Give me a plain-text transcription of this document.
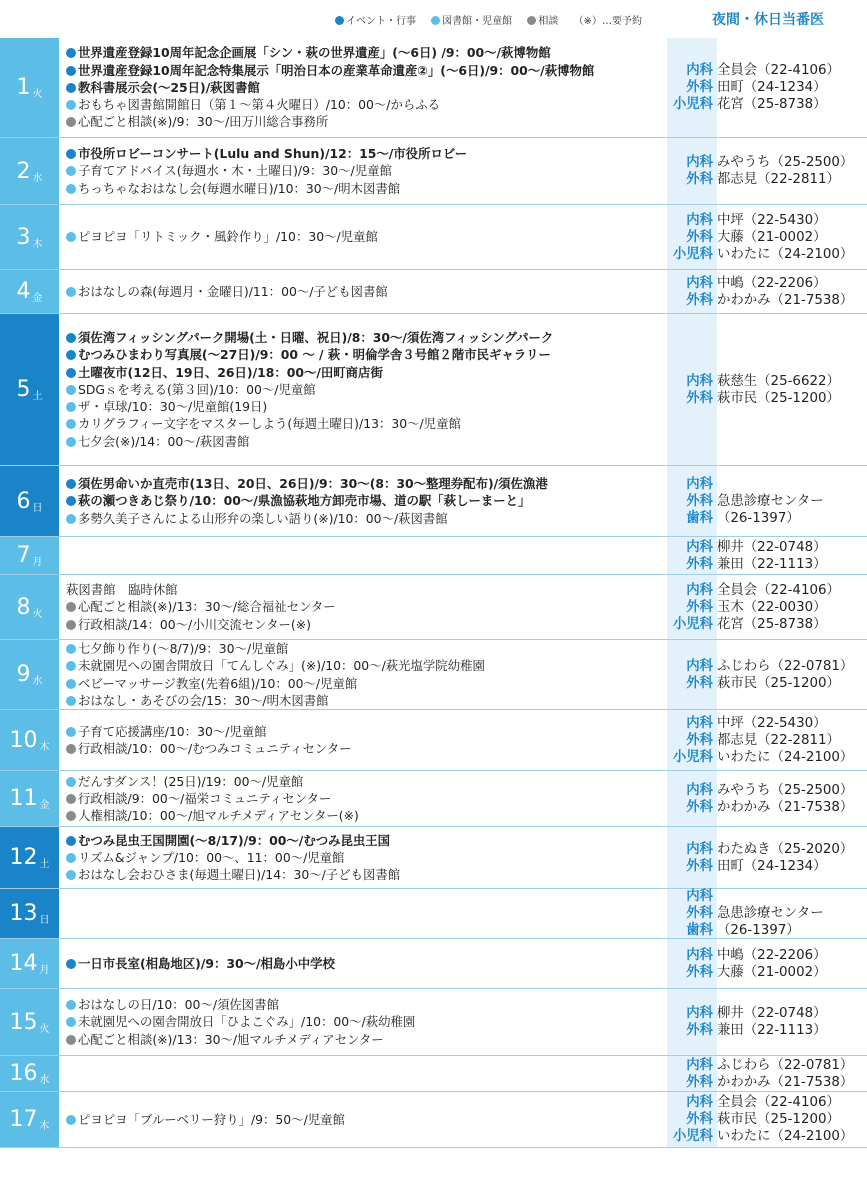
イベント・行事	図書館・児童館	相談 （※）…要予約	夜間・休日当番医
1 火
世界遺産登録10周年記念企画展「シン・萩の世界遺産」(～6日) /9：00～/萩博物館
世界遺産登録10周年記念特集展示「明治日本の産業革命遺産②」(～6日)/9：00～/萩博物館
教科書展示会(～25日)/萩図書館
おもちゃ図書館開館日（第１～第４火曜日）/10：00～/からふる
心配ごと相談(※)/9：30～/田万川総合事務所
内科 全員会（22-4106）
外科 田町（24-1234）
小児科 花宮（25-8738）
2 水
市役所ロビーコンサート(Lulu and Shun)/12：15～/市役所ロビー
子育てアドバイス(毎週水・木・土曜日)/9：30～/児童館
ちっちゃなおはなし会(毎週水曜日)/10：30～/明木図書館
内科 みやうち（25-2500）
外科 都志見（22-2811）
3 木	ピヨピヨ「リトミック・風鈴作り」/10：30～/児童館
内科 中坪（22-5430）
外科 大藤（21-0002）
小児科 いわたに（24-2100）
4 金	おはなしの森(毎週月・金曜日)/11：00～/子ども図書館
内科 中嶋（22-2206）
外科 かわかみ（21-7538）
5 土
須佐湾フィッシングパーク開場(土・日曜、祝日)/8：30～/須佐湾フィッシングパーク
むつみひまわり写真展(～27日)/9：00 ～ / 萩・明倫学舎３号館２階市民ギャラリー
土曜夜市(12日、19日、26日)/18：00～/田町商店街
SDGｓを考える(第３回)/10：00～/児童館
ザ・卓球/10：30～/児童館(19日)
カリグラフィー文字をマスターしよう(毎週土曜日)/13：30～/児童館
七夕会(※)/14：00～/萩図書館
内科 萩慈生（25-6622）
外科 萩市民（25-1200）
6 日
須佐男命いか直売市(13日、20日、26日)/9：30～(8：30～整理券配布)/須佐漁港
萩の瀬つきあじ祭り/10：00～/県漁協萩地方卸売市場、道の駅「萩しーまーと」
多勢久美子さんによる山形弁の楽しい語り(※)/10：00～/萩図書館
内科
外科 急患診療センター
歯科 （26-1397）
7 月
内科 柳井（22-0748）
外科 兼田（22-1113）
8 火
萩図書館　臨時休館
心配ごと相談(※)/13：30～/総合福祉センター
行政相談/14：00～/小川交流センター(※)
内科 全員会（22-4106）
外科 玉木（22-0030）
小児科 花宮（25-8738）
9 水
七夕飾り作り(～8/7)/9：30～/児童館
未就園児への園舎開放日「てんしぐみ」(※)/10：00～/萩光塩学院幼稚園
ベビーマッサージ教室(先着6組)/10：00～/児童館
おはなし・あそびの会/15：30～/明木図書館
内科 ふじわら（22-0781）
外科 萩市民（25-1200）
10 木
子育て応援講座/10：30～/児童館
行政相談/10：00～/むつみコミュニティセンター
内科 中坪（22-5430）
外科 都志見（22-2811）
小児科 いわたに（24-2100）
11 金
だんすダンス！(25日)/19：00～/児童館
行政相談/9：00～/福栄コミュニティセンター
人権相談/10：00～/旭マルチメディアセンター(※)
内科 みやうち（25-2500）
外科 かわかみ（21-7538）
12 土
むつみ昆虫王国開園(～8/17)/9：00～/むつみ昆虫王国
リズム&ジャンプ/10：00～、11：00～/児童館
おはなし会おひさま(毎週土曜日)/14：30～/子ども図書館
内科 わたぬき（25-2020）
外科 田町（24-1234）
13 日
内科
外科 急患診療センター
歯科 （26-1397）
14 月	一日市長室(相島地区)/9：30～/相島小中学校
内科 中嶋（22-2206）
外科 大藤（21-0002）
15 火
おはなしの日/10：00～/須佐図書館
未就園児への園舎開放日「ひよこぐみ」/10：00～/萩幼稚園
心配ごと相談(※)/13：30～/旭マルチメディアセンター
内科 柳井（22-0748）
外科 兼田（22-1113）
16 水
内科 ふじわら（22-0781）
外科 かわかみ（21-7538）
17 木	ピヨピヨ「ブルーベリー狩り」/9：50～/児童館
内科 全員会（22-4106）
外科 萩市民（25-1200）
小児科 いわたに（24-2100）
